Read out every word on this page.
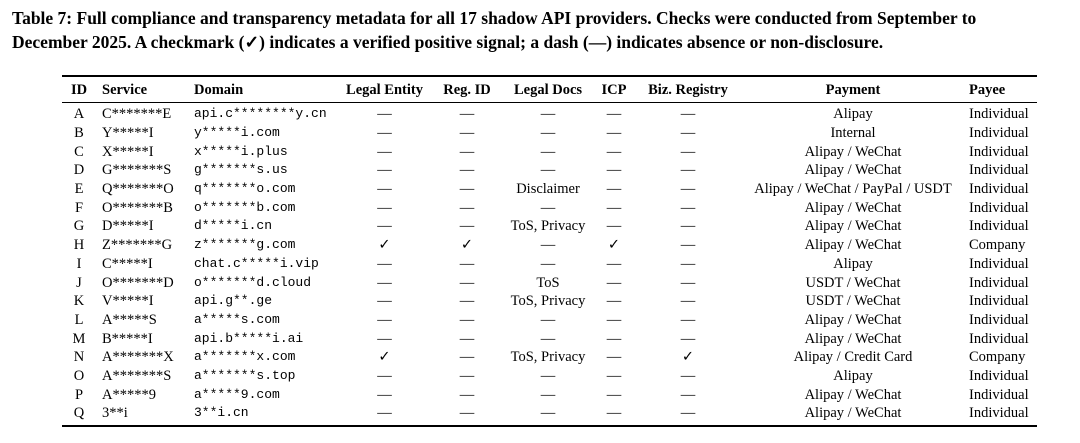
Table 7: Full compliance and transparency metadata for all 17 shadow API providers. Checks were conducted from September to
December 2025. A checkmark (✓) indicates a verified positive signal; a dash (—) indicates absence or non-disclosure.
ID	Service	Domain	Legal Entity	Reg. ID	Legal Docs	ICP	Biz. Registry	Payment	Payee
A	C*******E	api.c********y.cn	—	—	—	—	—	Alipay	Individual
B	Y*****I	y*****i.com	—	—	—	—	—	Internal	Individual
C	X*****I	x*****i.plus	—	—	—	—	—	Alipay / WeChat	Individual
D	G*******S	g*******s.us	—	—	—	—	—	Alipay / WeChat	Individual
E	Q*******O	q*******o.com	—	—	Disclaimer	—	—	Alipay / WeChat / PayPal / USDT	Individual
F	O*******B	o*******b.com	—	—	—	—	—	Alipay / WeChat	Individual
G	D*****I	d*****i.cn	—	—	ToS, Privacy	—	—	Alipay / WeChat	Individual
H	Z*******G	z*******g.com	✓	✓	—	✓	—	Alipay / WeChat	Company
I	C*****I	chat.c*****i.vip	—	—	—	—	—	Alipay	Individual
J	O*******D	o*******d.cloud	—	—	ToS	—	—	USDT / WeChat	Individual
K	V*****I	api.g**.ge	—	—	ToS, Privacy	—	—	USDT / WeChat	Individual
L	A*****S	a*****s.com	—	—	—	—	—	Alipay / WeChat	Individual
M	B*****I	api.b*****i.ai	—	—	—	—	—	Alipay / WeChat	Individual
N	A*******X	a*******x.com	✓	—	ToS, Privacy	—	✓	Alipay / Credit Card	Company
O	A*******S	a*******s.top	—	—	—	—	—	Alipay	Individual
P	A*****9	a*****9.com	—	—	—	—	—	Alipay / WeChat	Individual
Q	3**i	3**i.cn	—	—	—	—	—	Alipay / WeChat	Individual
